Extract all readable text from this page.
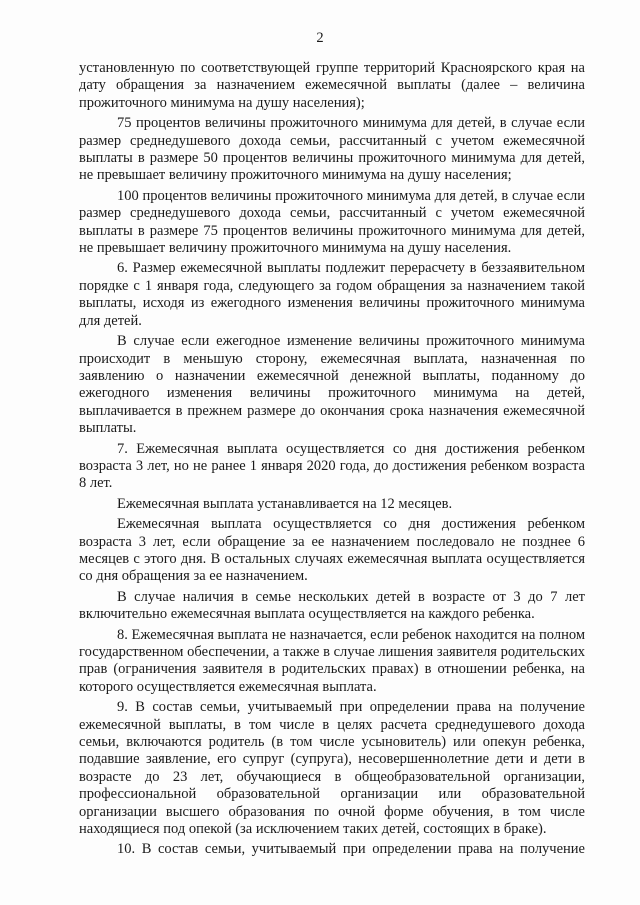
2

установленную по соответствующей группе территорий Красноярского края на дату обращения за назначением ежемесячной выплаты (далее – величина прожиточного минимума на душу населения);

75 процентов величины прожиточного минимума для детей, в случае если размер среднедушевого дохода семьи, рассчитанный с учетом ежемесячной выплаты в размере 50 процентов величины прожиточного минимума для детей, не превышает величину прожиточного минимума на душу населения;

100 процентов величины прожиточного минимума для детей, в случае если размер среднедушевого дохода семьи, рассчитанный с учетом ежемесячной выплаты в размере 75 процентов величины прожиточного минимума для детей, не превышает величину прожиточного минимума на душу населения.

6. Размер ежемесячной выплаты подлежит перерасчету в беззаявительном порядке с 1 января года, следующего за годом обращения за назначением такой выплаты, исходя из ежегодного изменения величины прожиточного минимума для детей.

В случае если ежегодное изменение величины прожиточного минимума происходит в меньшую сторону, ежемесячная выплата, назначенная по заявлению о назначении ежемесячной денежной выплаты, поданному до ежегодного изменения величины прожиточного минимума на детей, выплачивается в прежнем размере до окончания срока назначения ежемесячной выплаты.

7. Ежемесячная выплата осуществляется со дня достижения ребенком возраста 3 лет, но не ранее 1 января 2020 года, до достижения ребенком возраста 8 лет.

Ежемесячная выплата устанавливается на 12 месяцев.

Ежемесячная выплата осуществляется со дня достижения ребенком возраста 3 лет, если обращение за ее назначением последовало не позднее 6 месяцев с этого дня. В остальных случаях ежемесячная выплата осуществляется со дня обращения за ее назначением.

В случае наличия в семье нескольких детей в возрасте от 3 до 7 лет включительно ежемесячная выплата осуществляется на каждого ребенка.

8. Ежемесячная выплата не назначается, если ребенок находится на полном государственном обеспечении, а также в случае лишения заявителя родительских прав (ограничения заявителя в родительских правах) в отношении ребенка, на которого осуществляется ежемесячная выплата.

9. В состав семьи, учитываемый при определении права на получение ежемесячной выплаты, в том числе в целях расчета среднедушевого дохода семьи, включаются родитель (в том числе усыновитель) или опекун ребенка, подавшие заявление, его супруг (супруга), несовершеннолетние дети и дети в возрасте до 23 лет, обучающиеся в общеобразовательной организации, профессиональной образовательной организации или образовательной организации высшего образования по очной форме обучения, в том числе находящиеся под опекой (за исключением таких детей, состоящих в браке).

10. В состав семьи, учитываемый при определении права на получение
